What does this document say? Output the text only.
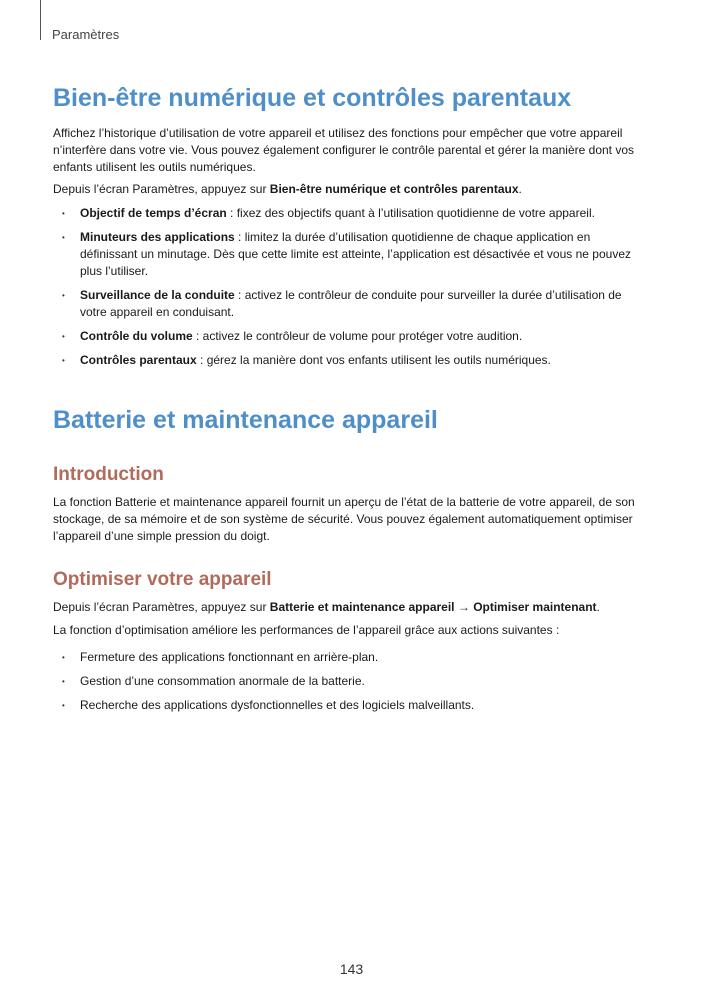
Paramètres
Bien-être numérique et contrôles parentaux

Affichez l’historique d’utilisation de votre appareil et utilisez des fonctions pour empêcher que votre appareil n’interfère dans votre vie. Vous pouvez également configurer le contrôle parental et gérer la manière dont vos enfants utilisent les outils numériques.

Depuis l’écran Paramètres, appuyez sur Bien-être numérique et contrôles parentaux.

• Objectif de temps d’écran : fixez des objectifs quant à l’utilisation quotidienne de votre appareil.
• Minuteurs des applications : limitez la durée d’utilisation quotidienne de chaque application en définissant un minutage. Dès que cette limite est atteinte, l’application est désactivée et vous ne pouvez plus l’utiliser.
• Surveillance de la conduite : activez le contrôleur de conduite pour surveiller la durée d’utilisation de votre appareil en conduisant.
• Contrôle du volume : activez le contrôleur de volume pour protéger votre audition.
• Contrôles parentaux : gérez la manière dont vos enfants utilisent les outils numériques.
Batterie et maintenance appareil
Introduction

La fonction Batterie et maintenance appareil fournit un aperçu de l’état de la batterie de votre appareil, de son stockage, de sa mémoire et de son système de sécurité. Vous pouvez également automatiquement optimiser l’appareil d’une simple pression du doigt.

Optimiser votre appareil

Depuis l’écran Paramètres, appuyez sur Batterie et maintenance appareil → Optimiser maintenant.

La fonction d’optimisation améliore les performances de l’appareil grâce aux actions suivantes :

• Fermeture des applications fonctionnant en arrière-plan.
• Gestion d’une consommation anormale de la batterie.
• Recherche des applications dysfonctionnelles et des logiciels malveillants.
143
